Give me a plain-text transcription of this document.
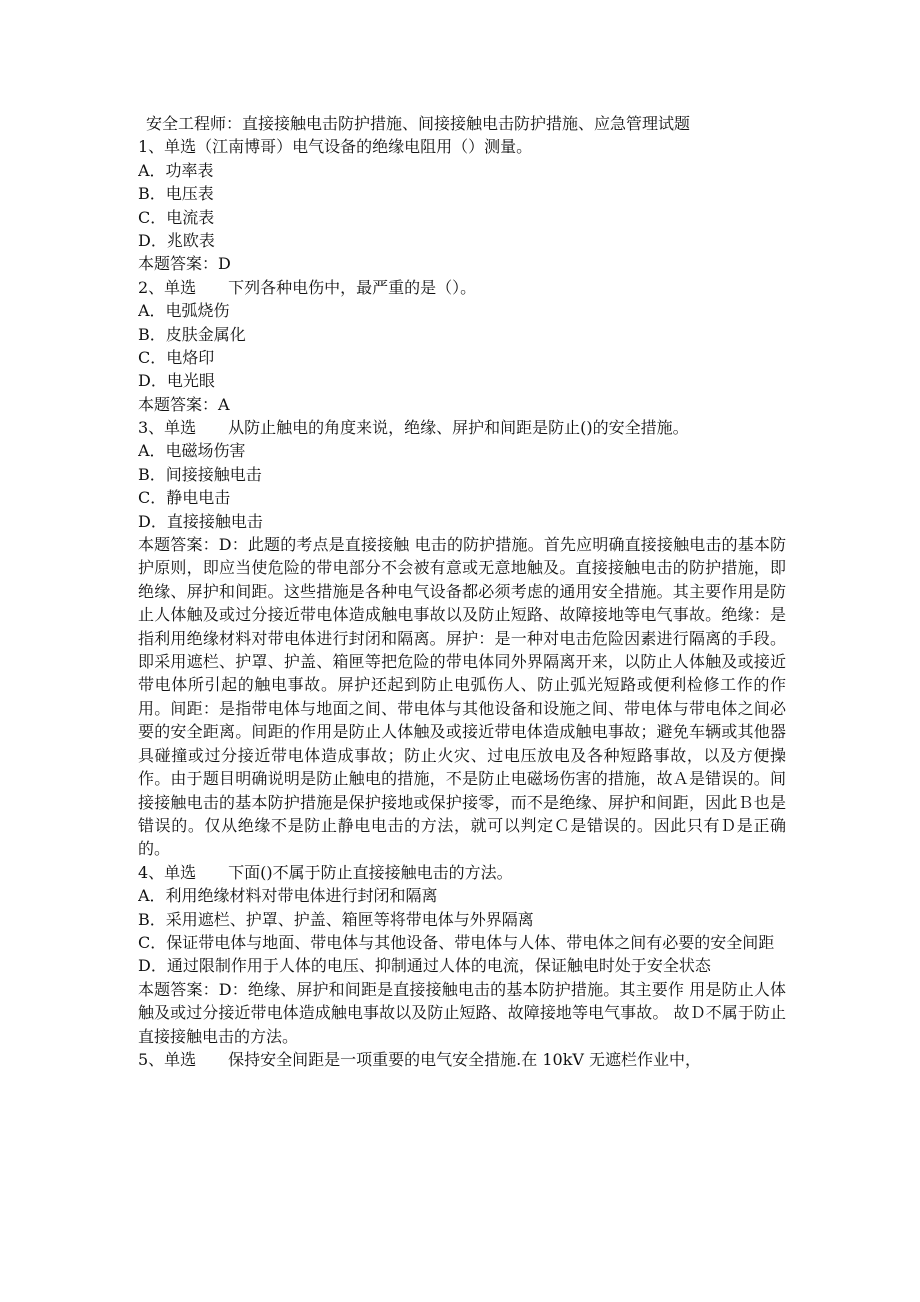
安全工程师：直接接触电击防护措施、间接接触电击防护措施、应急管理试题
1、单选（江南博哥）电气设备的绝缘电阻用（）测量。
A．功率表
B．电压表
C．电流表
D．兆欧表
本题答案：D
2、单选　　下列各种电伤中，最严重的是（）。
A．电弧烧伤
B．皮肤金属化
C．电烙印
D．电光眼
本题答案：A
3、单选　　从防止触电的角度来说，绝缘、屏护和间距是防止()的安全措施。
A．电磁场伤害
B．间接接触电击
C．静电电击
D．直接接触电击
本题答案：D：此题的考点是直接接触 电击的防护措施。首先应明确直接接触电击的基本防护原则，即应当使危险的带电部分不会被有意或无意地触及。直接接触电击的防护措施，即绝缘、屏护和间距。这些措施是各种电气设备都必须考虑的通用安全措施。其主要作用是防止人体触及或过分接近带电体造成触电事故以及防止短路、故障接地等电气事故。绝缘：是指利用绝缘材料对带电体进行封闭和隔离。屏护：是一种对电击危险因素进行隔离的手段。即采用遮栏、护罩、护盖、箱匣等把危险的带电体同外界隔离开来，以防止人体触及或接近带电体所引起的触电事故。屏护还起到防止电弧伤人、防止弧光短路或便利检修工作的作用。间距：是指带电体与地面之间、带电体与其他设备和设施之间、带电体与带电体之间必要的安全距离。间距的作用是防止人体触及或接近带电体造成触电事故；避免车辆或其他器具碰撞或过分接近带电体造成事故；防止火灾、过电压放电及各种短路事故，以及方便操作。由于题目明确说明是防止触电的措施，不是防止电磁场伤害的措施，故Ａ是错误的。间接接触电击的基本防护措施是保护接地或保护接零，而不是绝缘、屏护和间距，因此Ｂ也是错误的。仅从绝缘不是防止静电电击的方法，就可以判定Ｃ是错误的。因此只有Ｄ是正确的。
4、单选　　下面()不属于防止直接接触电击的方法。
A．利用绝缘材料对带电体进行封闭和隔离
B．采用遮栏、护罩、护盖、箱匣等将带电体与外界隔离
C．保证带电体与地面、带电体与其他设备、带电体与人体、带电体之间有必要的安全间距
D．通过限制作用于人体的电压、抑制通过人体的电流，保证触电时处于安全状态
本题答案：D：绝缘、屏护和间距是直接接触电击的基本防护措施。其主要作 用是防止人体触及或过分接近带电体造成触电事故以及防止短路、故障接地等电气事故。 故Ｄ不属于防止直接接触电击的方法。
5、单选　　保持安全间距是一项重要的电气安全措施.在 10kV 无遮栏作业中，
